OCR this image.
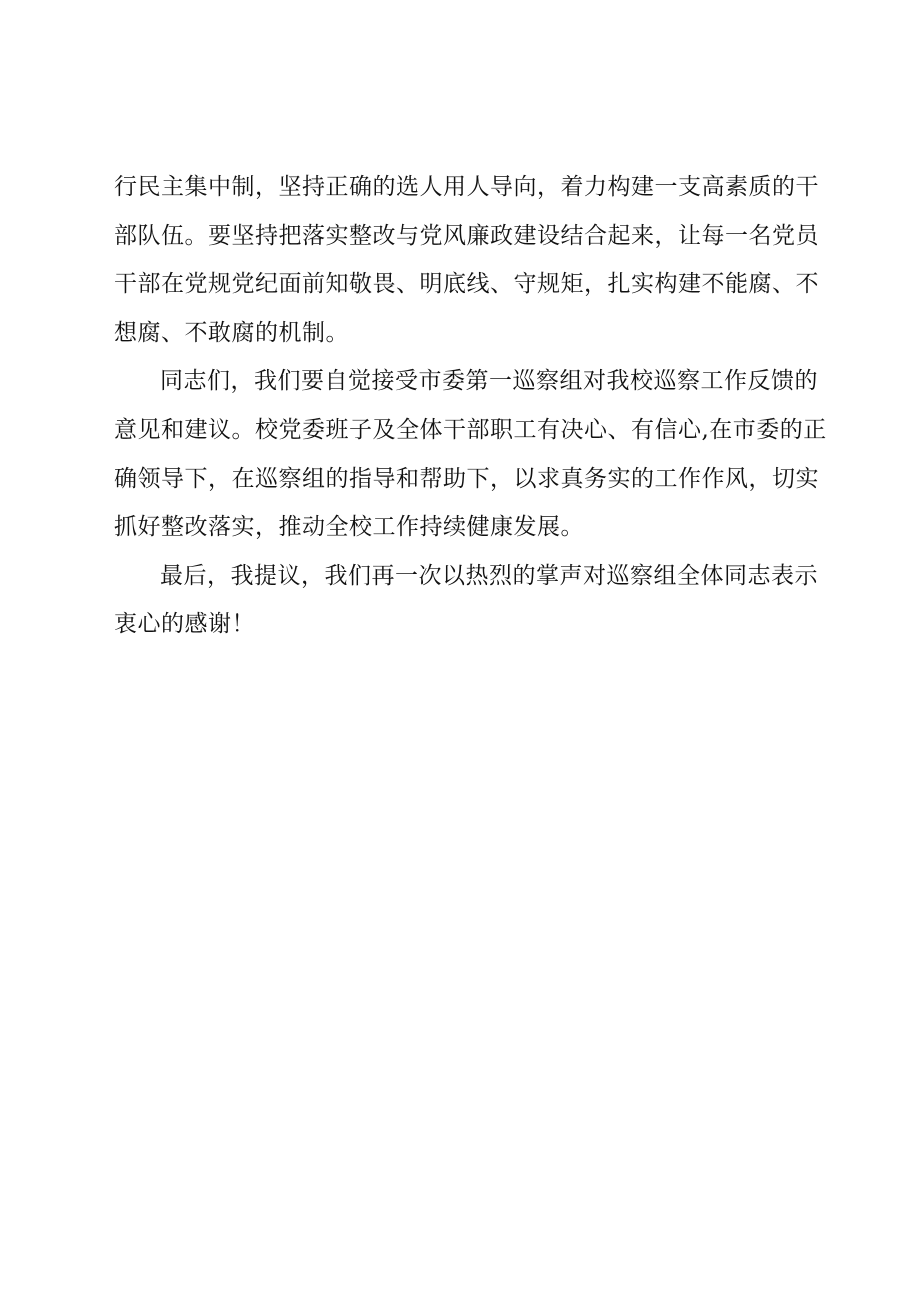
行民主集中制，坚持正确的选人用人导向，着力构建一支高素质的干
部队伍。要坚持把落实整改与党风廉政建设结合起来，让每一名党员
干部在党规党纪面前知敬畏、明底线、守规矩，扎实构建不能腐、不
想腐、不敢腐的机制。
同志们，我们要自觉接受市委第一巡察组对我校巡察工作反馈的
意见和建议。校党委班子及全体干部职工有决心、有信心,在市委的正
确领导下，在巡察组的指导和帮助下，以求真务实的工作作风，切实
抓好整改落实，推动全校工作持续健康发展。
最后，我提议，我们再一次以热烈的掌声对巡察组全体同志表示
衷心的感谢！
